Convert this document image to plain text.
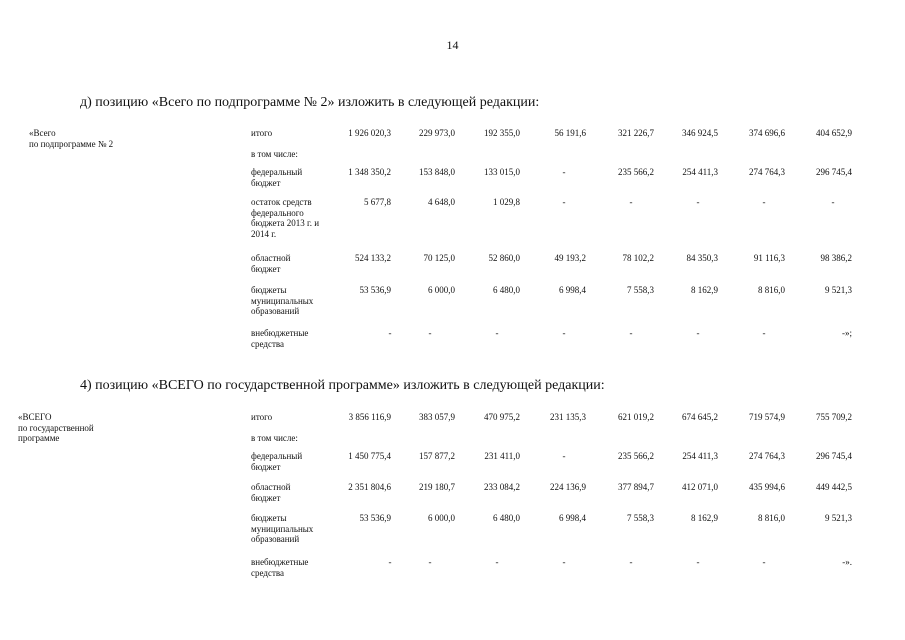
14
д) позицию «Всего по подпрограмме № 2» изложить в следующей редакции:
«Всего
по подпрограмме № 2
итого	1 926 020,3	229 973,0	192 355,0	56 191,6	321 226,7	346 924,5	374 696,6	404 652,9
в том числе:
федеральный бюджет
1 348 350,2	153 848,0	133 015,0	-	235 566,2	254 411,3	274 764,3	296 745,4
остаток средств федерального бюджета 2013 г. и 2014 г.
5 677,8	4 648,0	1 029,8	-	-	-	-	-
областной бюджет
524 133,2	70 125,0	52 860,0	49 193,2	78 102,2	84 350,3	91 116,3	98 386,2
бюджеты муниципальных образований
53 536,9	6 000,0	6 480,0	6 998,4	7 558,3	8 162,9	8 816,0	9 521,3
внебюджетные средства
-	-	-	-	-	-	-	-»;
4) позицию «ВСЕГО по государственной программе» изложить в следующей редакции:
«ВСЕГО
по государственной
программе
итого	3 856 116,9	383 057,9	470 975,2	231 135,3	621 019,2	674 645,2	719 574,9	755 709,2
в том числе:
федеральный бюджет
1 450 775,4	157 877,2	231 411,0	-	235 566,2	254 411,3	274 764,3	296 745,4
областной бюджет
2 351 804,6	219 180,7	233 084,2	224 136,9	377 894,7	412 071,0	435 994,6	449 442,5
бюджеты муниципальных образований
53 536,9	6 000,0	6 480,0	6 998,4	7 558,3	8 162,9	8 816,0	9 521,3
внебюджетные средства
-	-	-	-	-	-	-	-».
